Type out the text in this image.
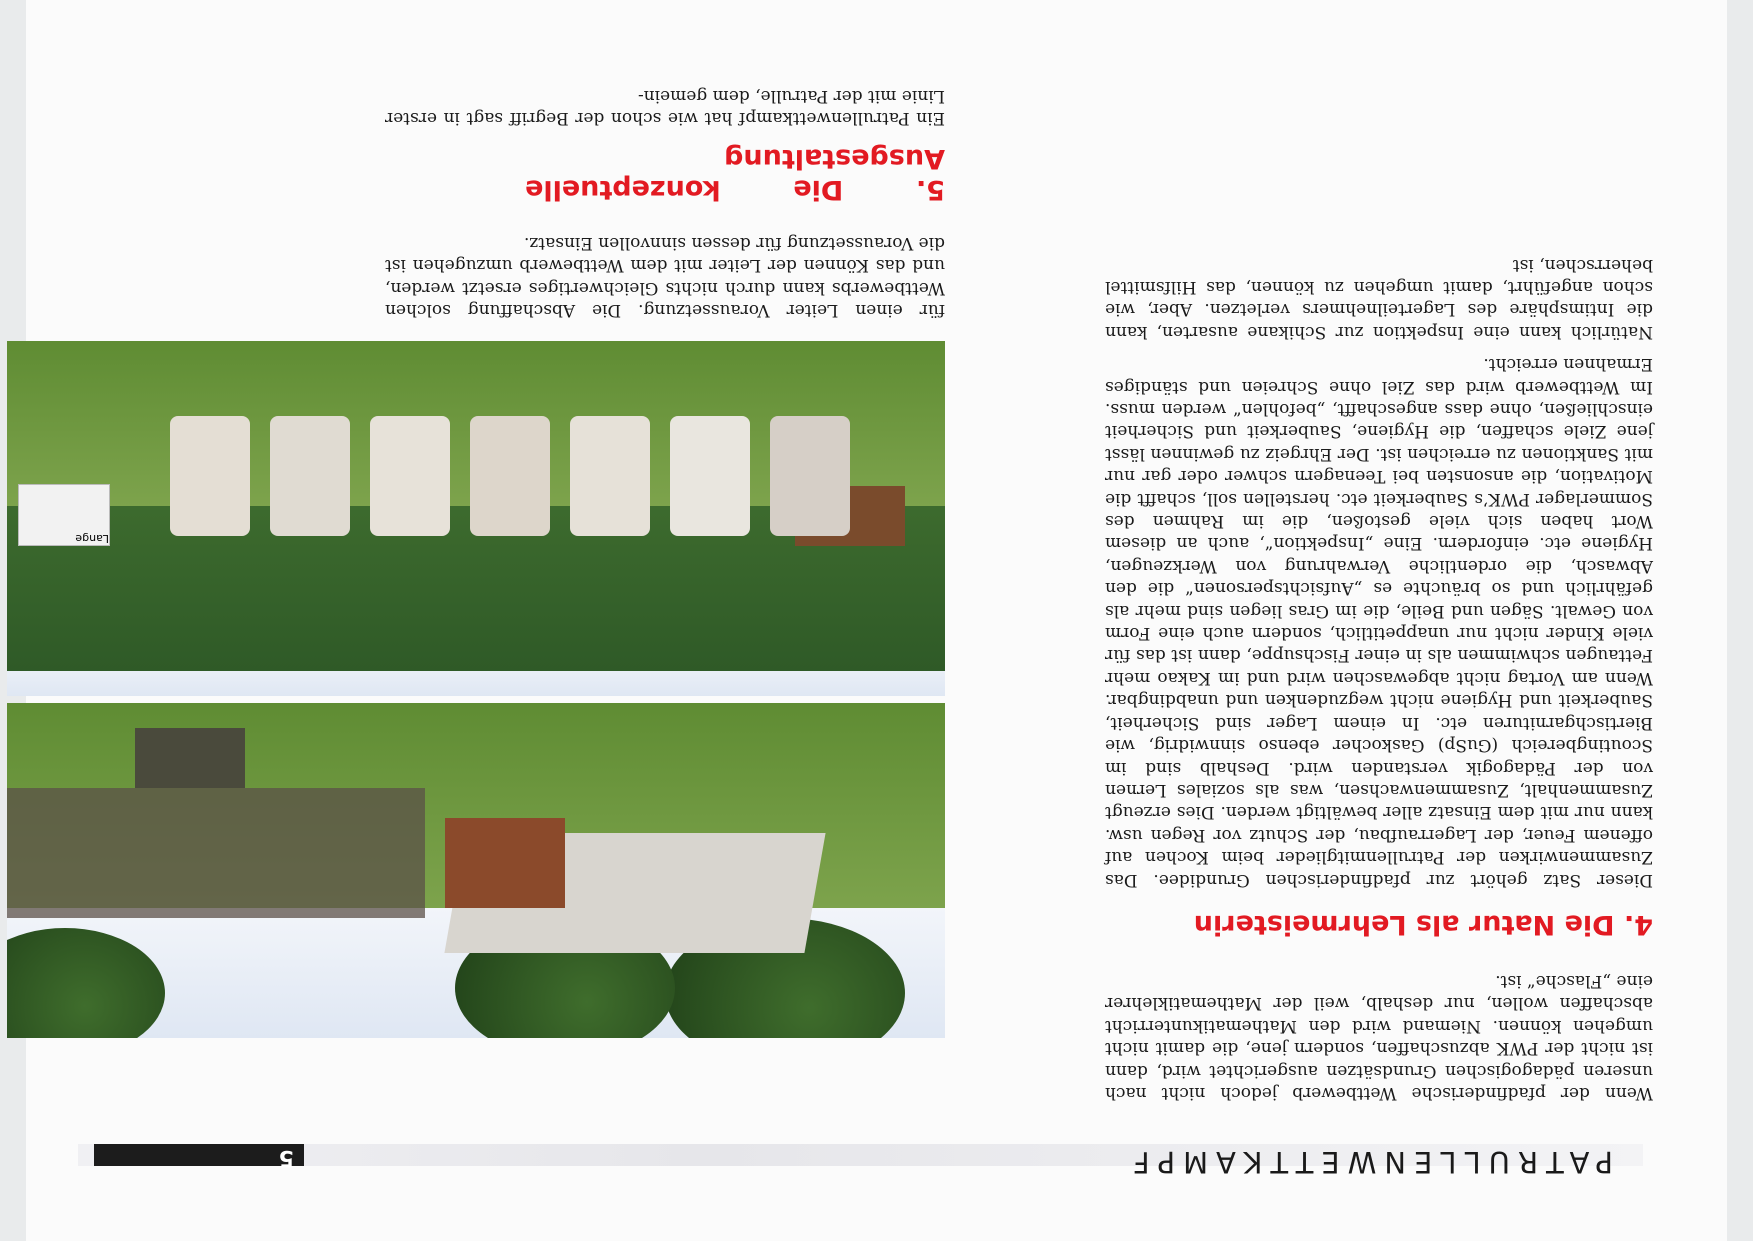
PATRULLENWETTKAMPF
5

Wenn der pfadfinderische Wettbewerb jedoch nicht nach unseren pädagogischen Grundsätzen ausgerichtet wird, dann ist nicht der PWK abzuschaffen, sondern jene, die damit nicht umgehen können. Niemand wird den Mathematikunterricht abschaffen wollen, nur deshalb, weil der Mathematiklehrer eine „Flasche“ ist.

4. Die Natur als Lehrmeisterin

Dieser Satz gehört zur pfadfinderischen Grundidee. Das Zusammenwirken der Patrullenmitglieder beim Kochen auf offenem Feuer, der Lagerraufbau, der Schutz vor Regen usw. kann nur mit dem Einsatz aller bewältigt werden. Dies erzeugt Zusammenhalt, Zusammenwachsen, was als soziales Lernen von der Pädagogik verstanden wird. Deshalb sind im Scoutingbereich (GuSp) Gaskocher ebenso sinnwidrig, wie Biertischgarnituren etc. In einem Lager sind Sicherheit, Sauberkeit und Hygiene nicht wegzudenken und unabdingbar. Wenn am Vortag nicht abgewaschen wird und im Kakao mehr Fettaugen schwimmen als in einer Fischsuppe, dann ist das für viele Kinder nicht nur unappetitlich, sondern auch eine Form von Gewalt. Sägen und Beile, die im Gras liegen sind mehr als gefährlich und so bräuchte es „Aufsichtspersonen“ die den Abwasch, die ordentliche Verwahrung von Werkzeugen, Hygiene etc. einfordern. Eine „Inspektion“, auch an diesem Wort haben sich viele gestoßen, die im Rahmen des Sommerlager PWK’s Sauberkeit etc. herstellen soll, schafft die Motivation, die ansonsten bei Teenagern schwer oder gar nur mit Sanktionen zu erreichen ist. Der Ehrgeiz zu gewinnen lässt jene Ziele schaffen, die Hygiene, Sauberkeit und Sicherheit einschließen, ohne dass angeschafft, „befohlen“ werden muss. Im Wettbewerb wird das Ziel ohne Schreien und ständiges Ermahnen erreicht.

Natürlich kann eine Inspektion zur Schikane ausarten, kann die Intimsphäre des Lagerteilnehmers verletzen. Aber, wie schon angeführt, damit umgehen zu können, das Hilfsmittel beherrschen, ist

Lange

für einen Leiter Voraussetzung. Die Abschaffung solchen Wettbewerbs kann durch nichts Gleichwertiges ersetzt werden, und das Können der Leiter mit dem Wettbewerb umzugehen ist die Voraussetzung für dessen sinnvollen Einsatz.

5. Die konzeptuelle Ausgestaltung

Ein Patrullenwettkampf hat wie schon der Begriff sagt in erster Linie mit der Patrulle, dem gemein-
